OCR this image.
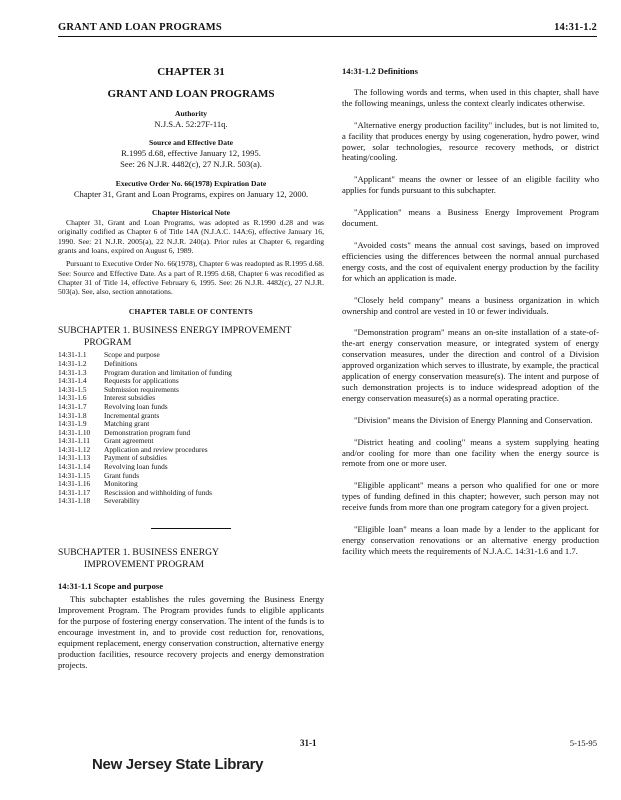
GRANT AND LOAN PROGRAMS	14:31-1.2
CHAPTER 31
GRANT AND LOAN PROGRAMS
Authority
N.J.S.A. 52:27F-11q.
Source and Effective Date
R.1995 d.68, effective January 12, 1995.
See: 26 N.J.R. 4482(c), 27 N.J.R. 503(a).
Executive Order No. 66(1978) Expiration Date
Chapter 31, Grant and Loan Programs, expires on January 12, 2000.
Chapter Historical Note

Chapter 31, Grant and Loan Programs, was adopted as R.1990 d.28 and was originally codified as Chapter 6 of Title 14A (N.J.A.C. 14A:6), effective January 16, 1990. See: 21 N.J.R. 2005(a), 22 N.J.R. 240(a). Prior rules at Chapter 6, regarding grants and loans, expired on August 6, 1989.

Pursuant to Executive Order No. 66(1978), Chapter 6 was readopted as R.1995 d.68. See: Source and Effective Date. As a part of R.1995 d.68, Chapter 6 was recodified as Chapter 31 of Title 14, effective February 6, 1995. See: 26 N.J.R. 4482(c), 27 N.J.R. 503(a). See, also, section annotations.

CHAPTER TABLE OF CONTENTS
SUBCHAPTER 1. BUSINESS ENERGY IMPROVEMENT
PROGRAM
14:31-1.1	Scope and purpose
14:31-1.2	Definitions
14:31-1.3	Program duration and limitation of funding
14:31-1.4	Requests for applications
14:31-1.5	Submission requirements
14:31-1.6	Interest subsidies
14:31-1.7	Revolving loan funds
14:31-1.8	Incremental grants
14:31-1.9	Matching grant
14:31-1.10	Demonstration program fund
14:31-1.11	Grant agreement
14:31-1.12	Application and review procedures
14:31-1.13	Payment of subsidies
14:31-1.14	Revolving loan funds
14:31-1.15	Grant funds
14:31-1.16	Monitoring
14:31-1.17	Rescission and withholding of funds
14:31-1.18	Severability
SUBCHAPTER 1. BUSINESS ENERGY
IMPROVEMENT PROGRAM
14:31-1.1 Scope and purpose

This subchapter establishes the rules governing the Business Energy Improvement Program. The Program provides funds to eligible applicants for the purpose of fostering energy conservation. The intent of the funds is to encourage investment in, and to provide cost reduction for, renovations, equipment replacement, energy conservation construction, alternative energy production facilities, resource recovery projects and energy demonstration projects.

14:31-1.2 Definitions

The following words and terms, when used in this chapter, shall have the following meanings, unless the context clearly indicates otherwise.

"Alternative energy production facility" includes, but is not limited to, a facility that produces energy by using cogeneration, hydro power, wind power, solar technologies, resource recovery methods, or district heating/cooling.

"Applicant" means the owner or lessee of an eligible facility who applies for funds pursuant to this subchapter.

"Application" means a Business Energy Improvement Program document.

"Avoided costs" means the annual cost savings, based on improved efficiencies using the differences between the normal annual purchased energy costs, and the cost of equivalent energy production by the facility for which an application is made.

"Closely held company" means a business organization in which ownership and control are vested in 10 or fewer individuals.

"Demonstration program" means an on-site installation of a state-of-the-art energy conservation measure, or integrated system of energy conservation measures, under the direction and control of a Division approved organization which serves to illustrate, by example, the practical application of energy conservation measure(s). The intent and purpose of such demonstration projects is to induce widespread adoption of the energy conservation measure(s) as a normal operating practice.

"Division" means the Division of Energy Planning and Conservation.

"District heating and cooling" means a system supplying heating and/or cooling for more than one facility when the energy source is remote from one or more user.

"Eligible applicant" means a person who qualified for one or more types of funding defined in this chapter; however, such person may not receive funds from more than one program category for a given project.

"Eligible loan" means a loan made by a lender to the applicant for energy conservation renovations or an alternative energy production facility which meets the requirements of N.J.A.C. 14:31-1.6 and 1.7.

31-1	5-15-95
New Jersey State Library
